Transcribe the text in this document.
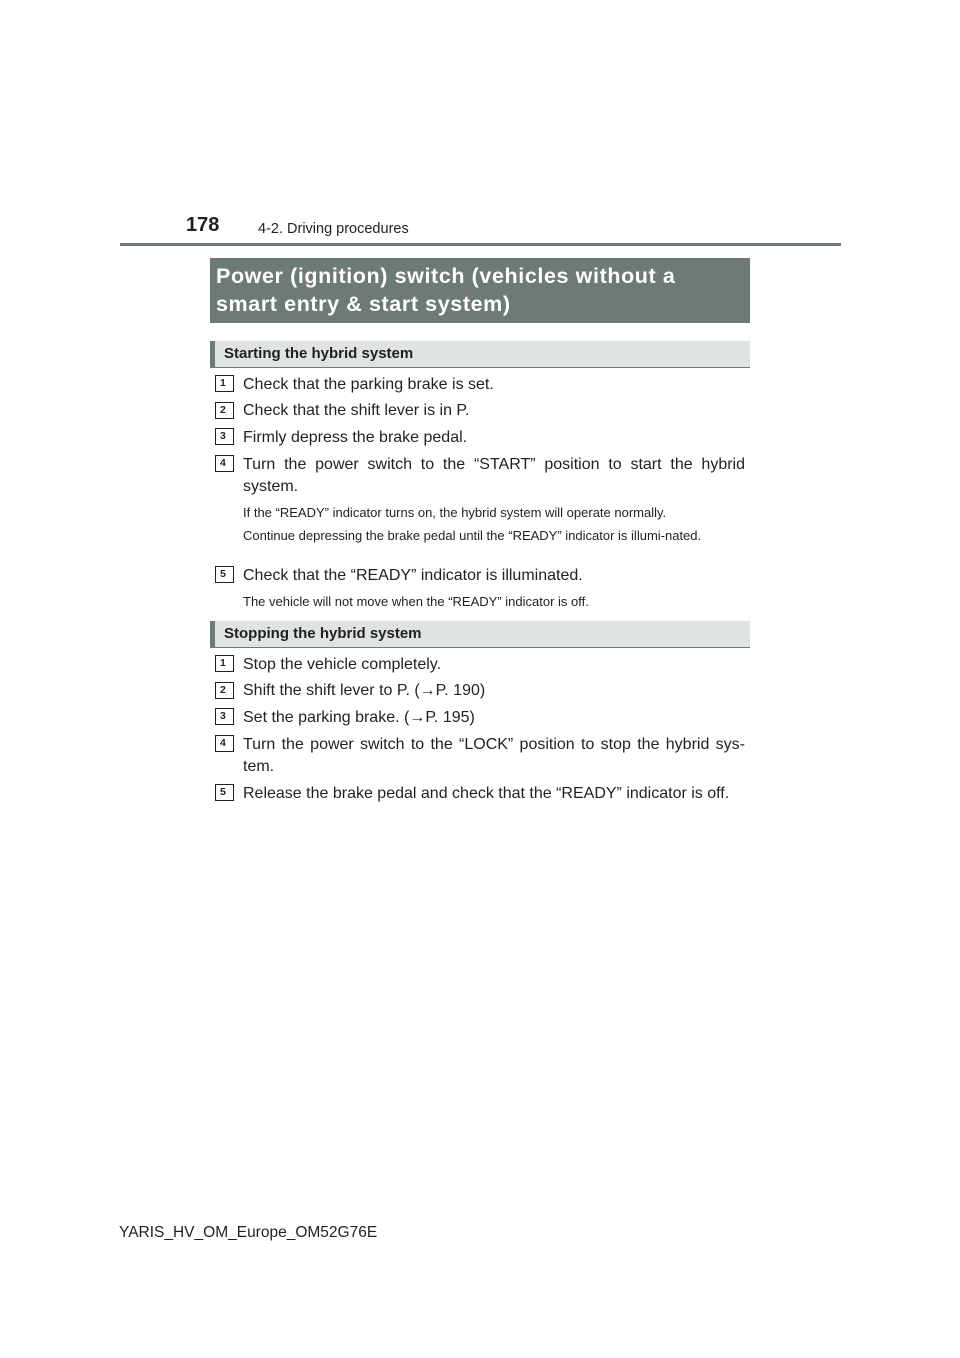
178	4-2. Driving procedures
Power (ignition) switch (vehicles without a smart entry & start system)
Starting the hybrid system
1	Check that the parking brake is set.
2	Check that the shift lever is in P.
3	Firmly depress the brake pedal.
4	Turn the power switch to the “START” position to start the hybrid system.
If the “READY” indicator turns on, the hybrid system will operate normally.
Continue depressing the brake pedal until the “READY” indicator is illumi-nated.
5	Check that the “READY” indicator is illuminated.
The vehicle will not move when the “READY” indicator is off.
Stopping the hybrid system
1	Stop the vehicle completely.
2	Shift the shift lever to P. (→P. 190)
3	Set the parking brake. (→P. 195)
4	Turn the power switch to the “LOCK” position to stop the hybrid sys-tem.
5	Release the brake pedal and check that the “READY” indicator is off.
YARIS_HV_OM_Europe_OM52G76E
